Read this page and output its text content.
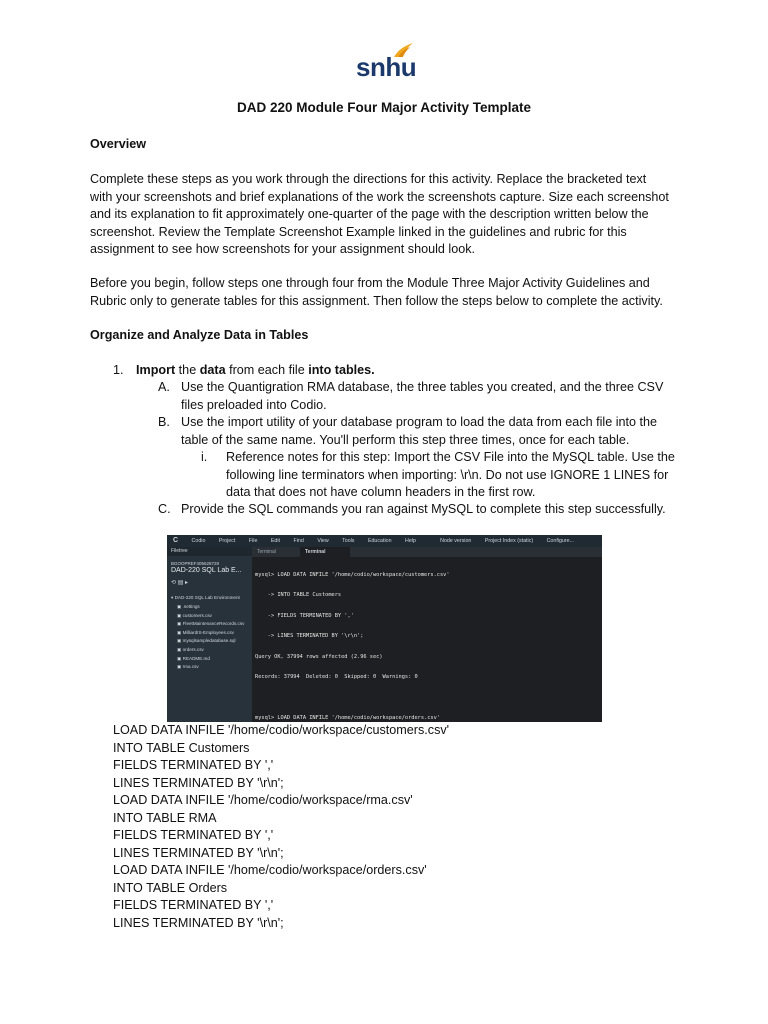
snhu
DAD 220 Module Four Major Activity Template
Overview
Complete these steps as you work through the directions for this activity. Replace the bracketed text
with your screenshots and brief explanations of the work the screenshots capture. Size each screenshot
and its explanation to fit approximately one-quarter of the page with the description written below the
screenshot. Review the Template Screenshot Example linked in the guidelines and rubric for this
assignment to see how screenshots for your assignment should look.
Before you begin, follow steps one through four from the Module Three Major Activity Guidelines and
Rubric only to generate tables for this assignment. Then follow the steps below to complete the activity.
Organize and Analyze Data in Tables
1. Import the data from each file into tables.
A. Use the Quantigration RMA database, the three tables you created, and the three CSV
files preloaded into Codio.
B. Use the import utility of your database program to load the data from each file into the
table of the same name. You'll perform this step three times, once for each table.
i. Reference notes for this step: Import the CSV File into the MySQL table. Use the
following line terminators when importing: \r\n. Do not use IGNORE 1 LINES for
data that does not have column headers in the first row.
C. Provide the SQL commands you ran against MySQL to complete this step successfully.
C	Codio	Project	File	Edit	Find	View	Tools	Education	Help	Node version	Project Index (static)	Configure...
Filetree
BGOOPREF405628728
DAD-220 SQL Lab E...
⟲ ▤ ▸
▾ DAD-220 SQL Lab Environment
▣ .settings
▣ customers.csv
▣ FleetMaintenanceRecords.csv
▣ MilliardIS-Employees.csv
▣ mysqlsampledatabase.sql
▣ orders.csv
▣ README.md
▣ rma.csv
Terminal	Terminal

mysql> LOAD DATA INFILE '/home/codio/workspace/customers.csv'

-> INTO TABLE Customers

-> FIELDS TERMINATED BY ','

-> LINES TERMINATED BY '\r\n';

Query OK, 37994 rows affected (2.96 sec)

Records: 37994  Deleted: 0  Skipped: 0  Warnings: 0

mysql> LOAD DATA INFILE '/home/codio/workspace/orders.csv'

LOAD DATA INFILE '/home/codio/workspace/customers.csv'
INTO TABLE Customers
FIELDS TERMINATED BY ','
LINES TERMINATED BY '\r\n';
LOAD DATA INFILE '/home/codio/workspace/rma.csv'
INTO TABLE RMA
FIELDS TERMINATED BY ','
LINES TERMINATED BY '\r\n';
LOAD DATA INFILE '/home/codio/workspace/orders.csv'
INTO TABLE Orders
FIELDS TERMINATED BY ','
LINES TERMINATED BY '\r\n';
